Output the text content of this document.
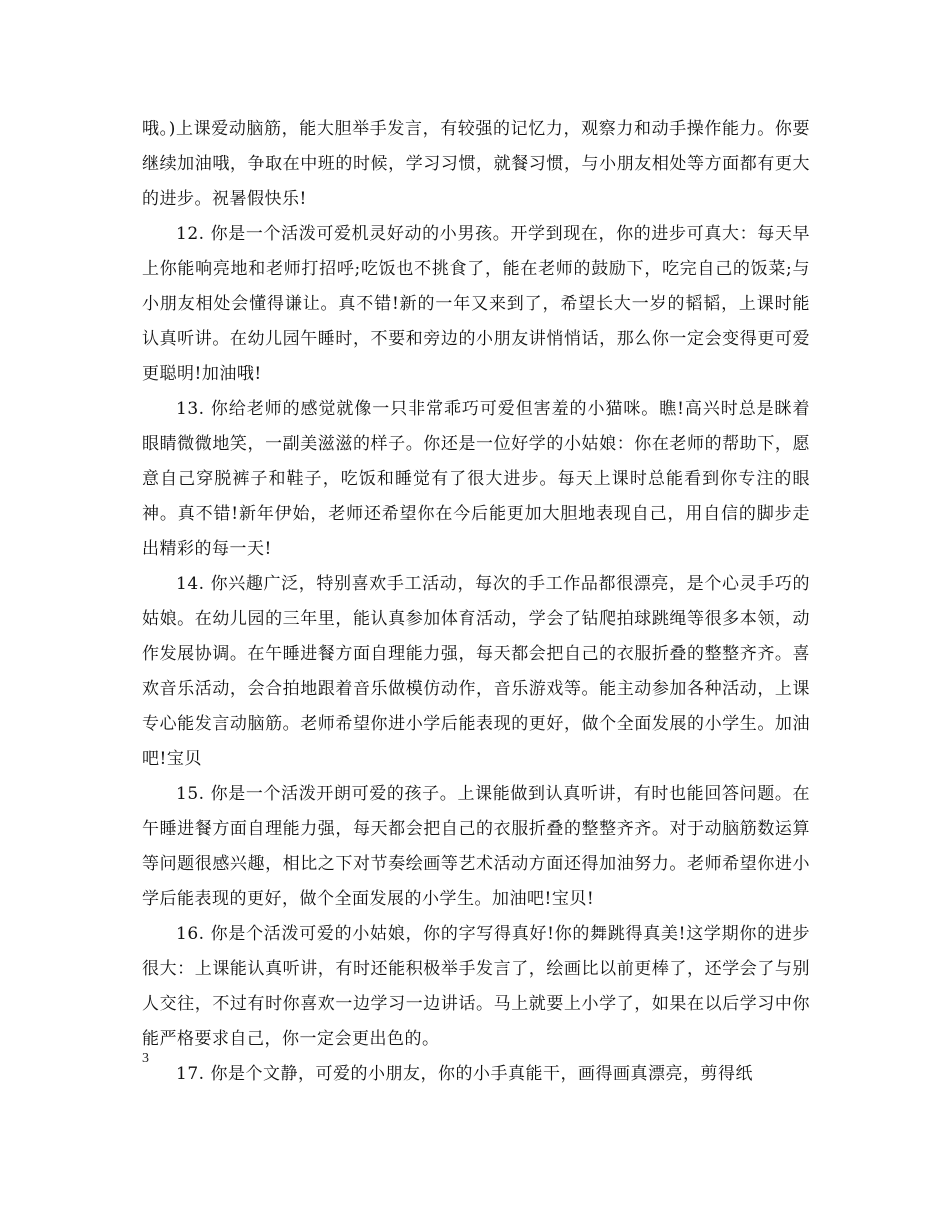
哦。)上课爱动脑筋，能大胆举手发言，有较强的记忆力，观察力和动手操作能力。你要继续加油哦，争取在中班的时候，学习习惯，就餐习惯，与小朋友相处等方面都有更大的进步。祝暑假快乐!

12. 你是一个活泼可爱机灵好动的小男孩。开学到现在，你的进步可真大：每天早上你能响亮地和老师打招呼;吃饭也不挑食了，能在老师的鼓励下，吃完自己的饭菜;与小朋友相处会懂得谦让。真不错!新的一年又来到了，希望长大一岁的韬韬，上课时能认真听讲。在幼儿园午睡时，不要和旁边的小朋友讲悄悄话，那么你一定会变得更可爱更聪明!加油哦!

13. 你给老师的感觉就像一只非常乖巧可爱但害羞的小猫咪。瞧!高兴时总是眯着眼睛微微地笑，一副美滋滋的样子。你还是一位好学的小姑娘：你在老师的帮助下，愿意自己穿脱裤子和鞋子，吃饭和睡觉有了很大进步。每天上课时总能看到你专注的眼神。真不错!新年伊始，老师还希望你在今后能更加大胆地表现自己，用自信的脚步走出精彩的每一天!

14. 你兴趣广泛，特别喜欢手工活动，每次的手工作品都很漂亮，是个心灵手巧的姑娘。在幼儿园的三年里，能认真参加体育活动，学会了钻爬拍球跳绳等很多本领，动作发展协调。在午睡进餐方面自理能力强，每天都会把自己的衣服折叠的整整齐齐。喜欢音乐活动，会合拍地跟着音乐做模仿动作，音乐游戏等。能主动参加各种活动，上课专心能发言动脑筋。老师希望你进小学后能表现的更好，做个全面发展的小学生。加油吧!宝贝

15. 你是一个活泼开朗可爱的孩子。上课能做到认真听讲，有时也能回答问题。在午睡进餐方面自理能力强，每天都会把自己的衣服折叠的整整齐齐。对于动脑筋数运算等问题很感兴趣，相比之下对节奏绘画等艺术活动方面还得加油努力。老师希望你进小学后能表现的更好，做个全面发展的小学生。加油吧!宝贝!

16. 你是个活泼可爱的小姑娘，你的字写得真好!你的舞跳得真美!这学期你的进步很大：上课能认真听讲，有时还能积极举手发言了，绘画比以前更棒了，还学会了与别人交往，不过有时你喜欢一边学习一边讲话。马上就要上小学了，如果在以后学习中你能严格要求自己，你一定会更出色的。

17. 你是个文静，可爱的小朋友，你的小手真能干，画得画真漂亮，剪得纸

3
